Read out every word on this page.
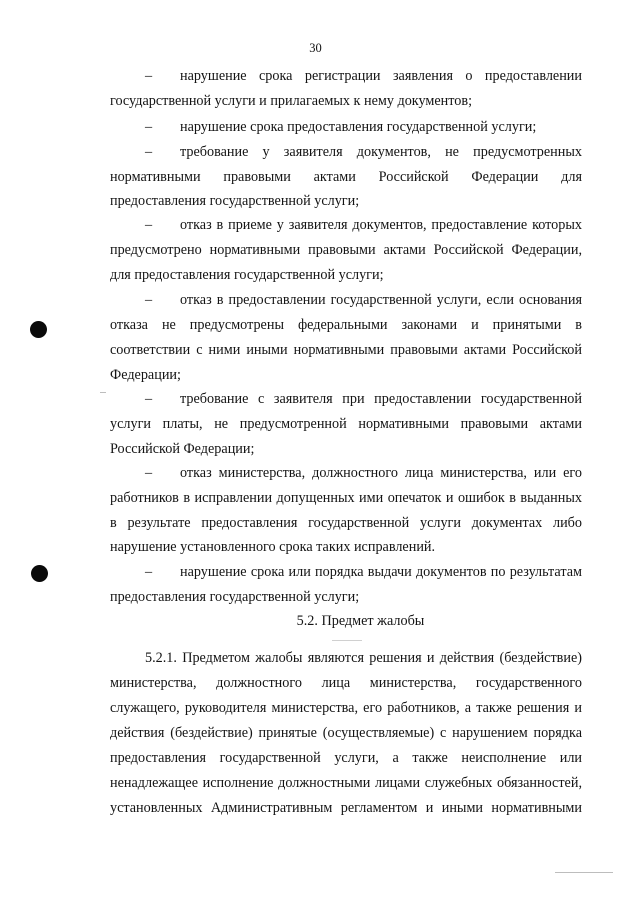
30
–	нарушение срока регистрации заявления о предоставлении
государственной услуги и прилагаемых к нему документов;
–	нарушение срока предоставления государственной услуги;
–	требование у заявителя документов, не предусмотренных
нормативными правовыми актами Российской Федерации для
предоставления государственной услуги;
–	отказ в приеме у заявителя документов, предоставление которых
предусмотрено нормативными правовыми актами Российской Федерации,
для предоставления государственной услуги;
–	отказ в предоставлении государственной услуги, если основания
отказа не предусмотрены федеральными законами и принятыми в
соответствии с ними иными нормативными правовыми актами Российской
Федерации;
–	требование с заявителя при предоставлении государственной
услуги платы, не предусмотренной нормативными правовыми актами
Российской Федерации;
–	отказ министерства, должностного лица министерства, или его
работников в исправлении допущенных ими опечаток и ошибок в выданных
в результате предоставления государственной услуги документах либо
нарушение установленного срока таких исправлений.
–	нарушение срока или порядка выдачи документов по результатам
предоставления государственной услуги;
5.2. Предмет жалобы
5.2.1. Предметом жалобы являются решения и действия (бездействие)
министерства, должностного лица министерства, государственного
служащего, руководителя министерства, его работников, а также решения и
действия (бездействие) принятые (осуществляемые) с нарушением порядка
предоставления государственной услуги, а также неисполнение или
ненадлежащее исполнение должностными лицами служебных обязанностей,
установленных Административным регламентом и иными нормативными
